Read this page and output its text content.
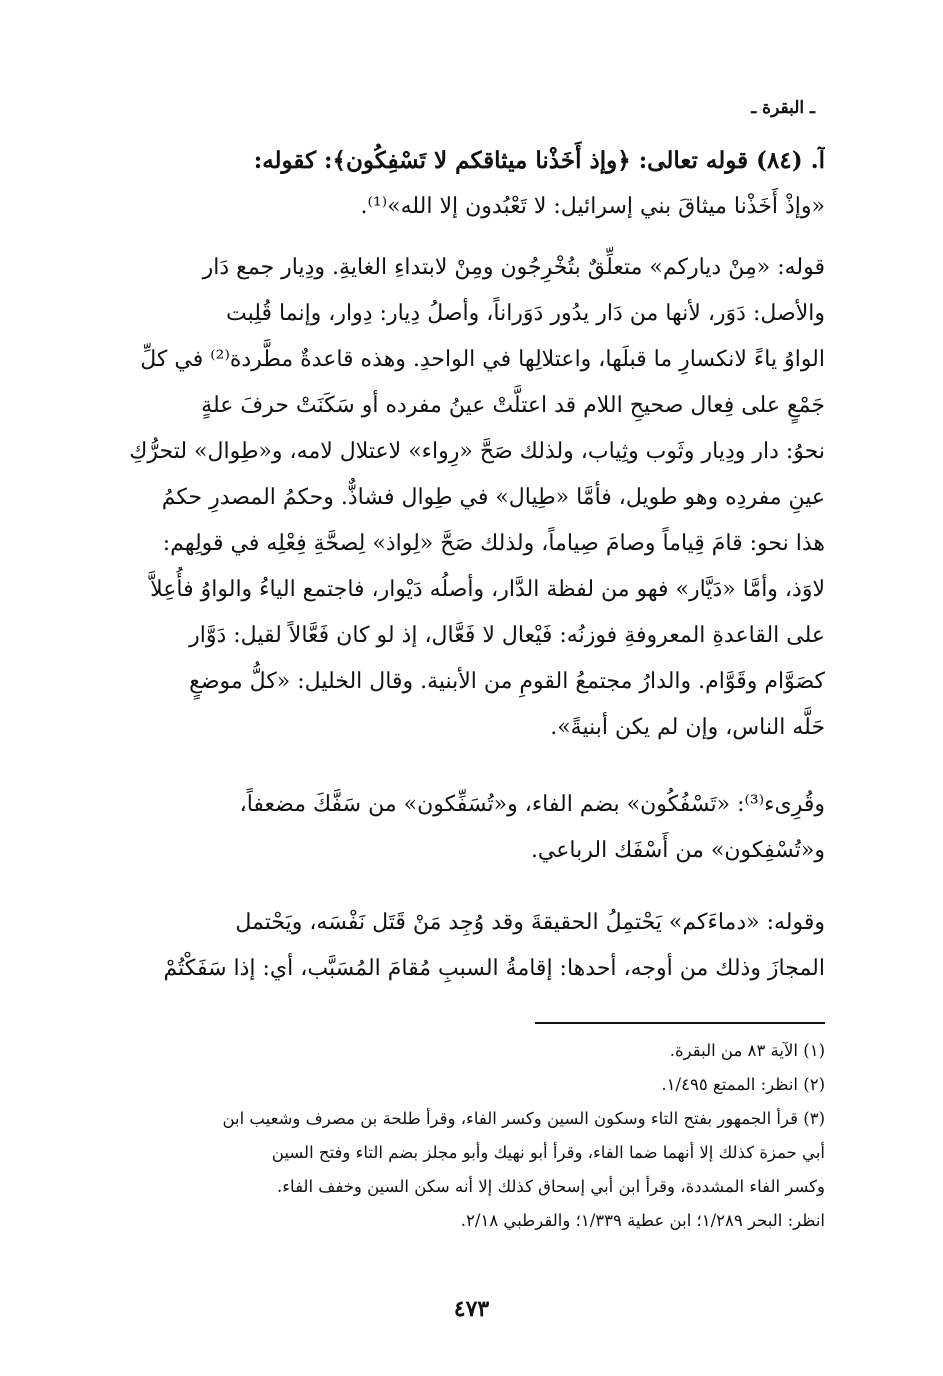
ـ البقرة ـ
آ. (٨٤) قوله تعالى: ﴿وإذ أَخَذْنا ميثاقكم لا تَسْفِكُون﴾: كقوله:
«وإذْ أَخَذْنا ميثاقَ بني إسرائيل: لا تَعْبُدون إلا الله»⁽¹⁾.
قوله: «مِنْ دياركم» متعلِّقٌ بتُخْرِجُون ومِنْ لابتداءِ الغايةِ. ودِيار جمع دَار
والأصل: دَوَر، لأنها من دَار يدُور دَوَراناً، وأصلُ دِيار: دِوار، وإنما قُلِبت
الواوُ ياءً لانكسارِ ما قبلَها، واعتلالِها في الواحدِ. وهذه قاعدةٌ مطَّردة⁽²⁾ في كلِّ
جَمْعٍ على فِعال صحيحِ اللام قد اعتلَّتْ عينُ مفرده أو سَكَنَتْ حرفَ علةٍ
نحوُ: دار ودِيار وثَوب وثِياب، ولذلك صَحَّ «رِواء» لاعتلال لامه، و«طِوال» لتحرُّكِ
عينِ مفردِه وهو طويل، فأمَّا «طِيال» في طِوال فشاذٌّ. وحكمُ المصدرِ حكمُ
هذا نحو: قامَ قِياماً وصامَ صِياماً، ولذلك صَحَّ «لِواذ» لِصحَّةِ فِعْلِه في قولِهم:
لاوَذ، وأمَّا «دَيَّار» فهو من لفظة الدَّار، وأصلُه دَيْوار، فاجتمع الياءُ والواوُ فأُعِلاَّ
على القاعدةِ المعروفةِ فوزنُه: فَيْعال لا فَعَّال، إذ لو كان فَعَّالاً لقيل: دَوَّار
كصَوَّام وقَوَّام. والدارُ مجتمعُ القومِ من الأبنية. وقال الخليل: «كلُّ موضعٍ
حَلَّه الناس، وإن لم يكن أبنيةً».
وقُرِىء⁽³⁾: «تَسْفُكُون» بضم الفاء، و«تُسَفِّكون» من سَفَّكَ مضعفاً،
و«تُسْفِكون» من أَسْفَك الرباعي.
وقوله: «دماءَكم» يَحْتمِلُ الحقيقةَ وقد وُجِد مَنْ قَتَل نَفْسَه، ويَحْتمل
المجازَ وذلك من أوجه، أحدها: إقامةُ السببِ مُقامَ المُسَبَّب، أي: إذا سَفَكْتُمْ
(١) الآية ٨٣ من البقرة.
(٢) انظر: الممتع ١/٤٩٥.
(٣) قرأ الجمهور بفتح التاء وسكون السين وكسر الفاء، وقرأ طلحة بن مصرف وشعيب ابن
أبي حمزة كذلك إلا أنهما ضما الفاء، وقرأ أبو نهيك وأبو مجلز بضم التاء وفتح السين
وكسر الفاء المشددة، وقرأ ابن أبي إسحاق كذلك إلا أنه سكن السين وخفف الفاء.
انظر: البحر ١/٢٨٩؛ ابن عطية ١/٣٣٩؛ والقرطبي ٢/١٨.
٤٧٣
